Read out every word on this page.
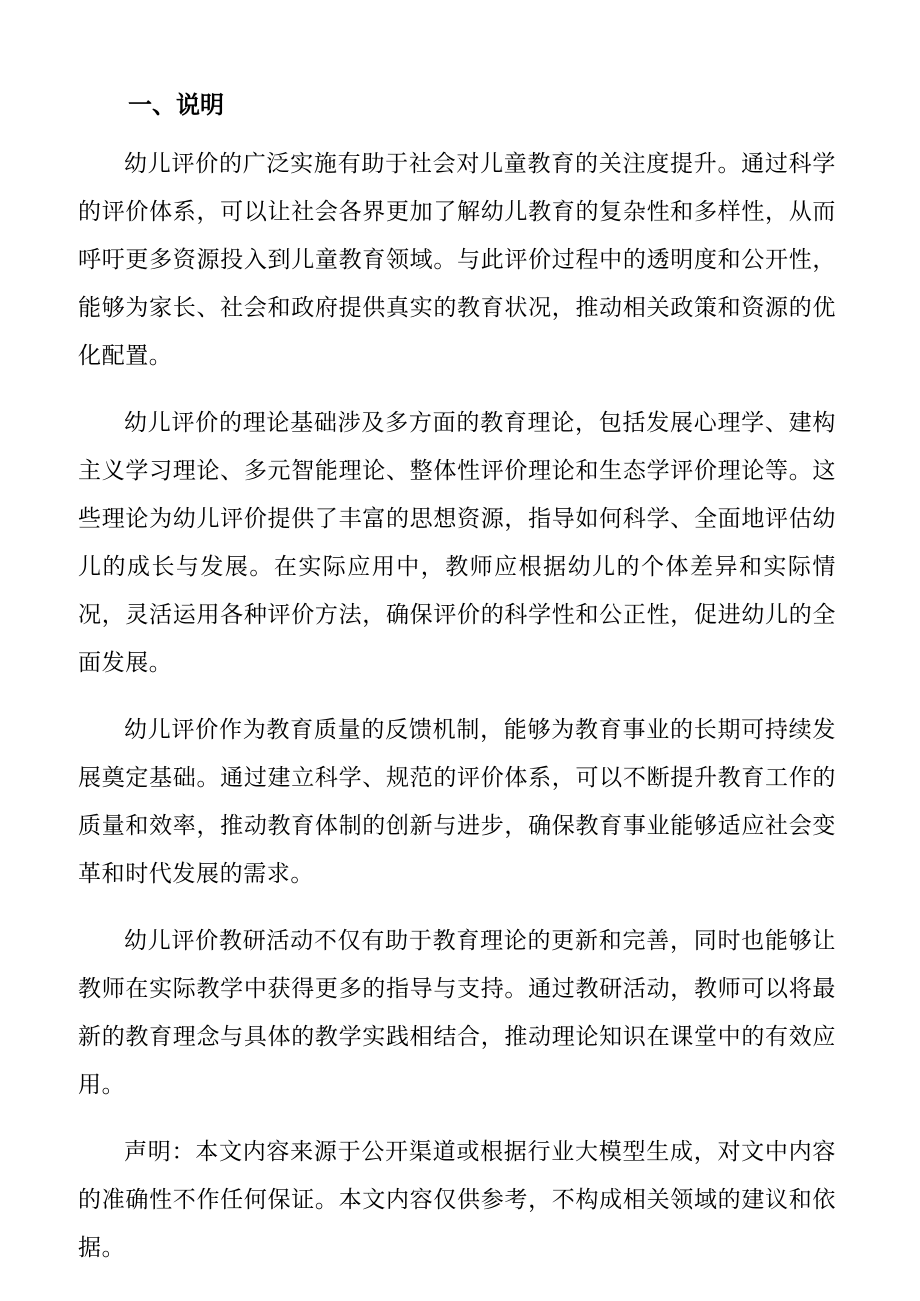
一、说明

幼儿评价的广泛实施有助于社会对儿童教育的关注度提升。通过科学的评价体系，可以让社会各界更加了解幼儿教育的复杂性和多样性，从而呼吁更多资源投入到儿童教育领域。与此评价过程中的透明度和公开性，能够为家长、社会和政府提供真实的教育状况，推动相关政策和资源的优化配置。

幼儿评价的理论基础涉及多方面的教育理论，包括发展心理学、建构主义学习理论、多元智能理论、整体性评价理论和生态学评价理论等。这些理论为幼儿评价提供了丰富的思想资源，指导如何科学、全面地评估幼儿的成长与发展。在实际应用中，教师应根据幼儿的个体差异和实际情况，灵活运用各种评价方法，确保评价的科学性和公正性，促进幼儿的全面发展。

幼儿评价作为教育质量的反馈机制，能够为教育事业的长期可持续发展奠定基础。通过建立科学、规范的评价体系，可以不断提升教育工作的质量和效率，推动教育体制的创新与进步，确保教育事业能够适应社会变革和时代发展的需求。

幼儿评价教研活动不仅有助于教育理论的更新和完善，同时也能够让教师在实际教学中获得更多的指导与支持。通过教研活动，教师可以将最新的教育理念与具体的教学实践相结合，推动理论知识在课堂中的有效应用。

声明：本文内容来源于公开渠道或根据行业大模型生成，对文中内容的准确性不作任何保证。本文内容仅供参考，不构成相关领域的建议和依据。
